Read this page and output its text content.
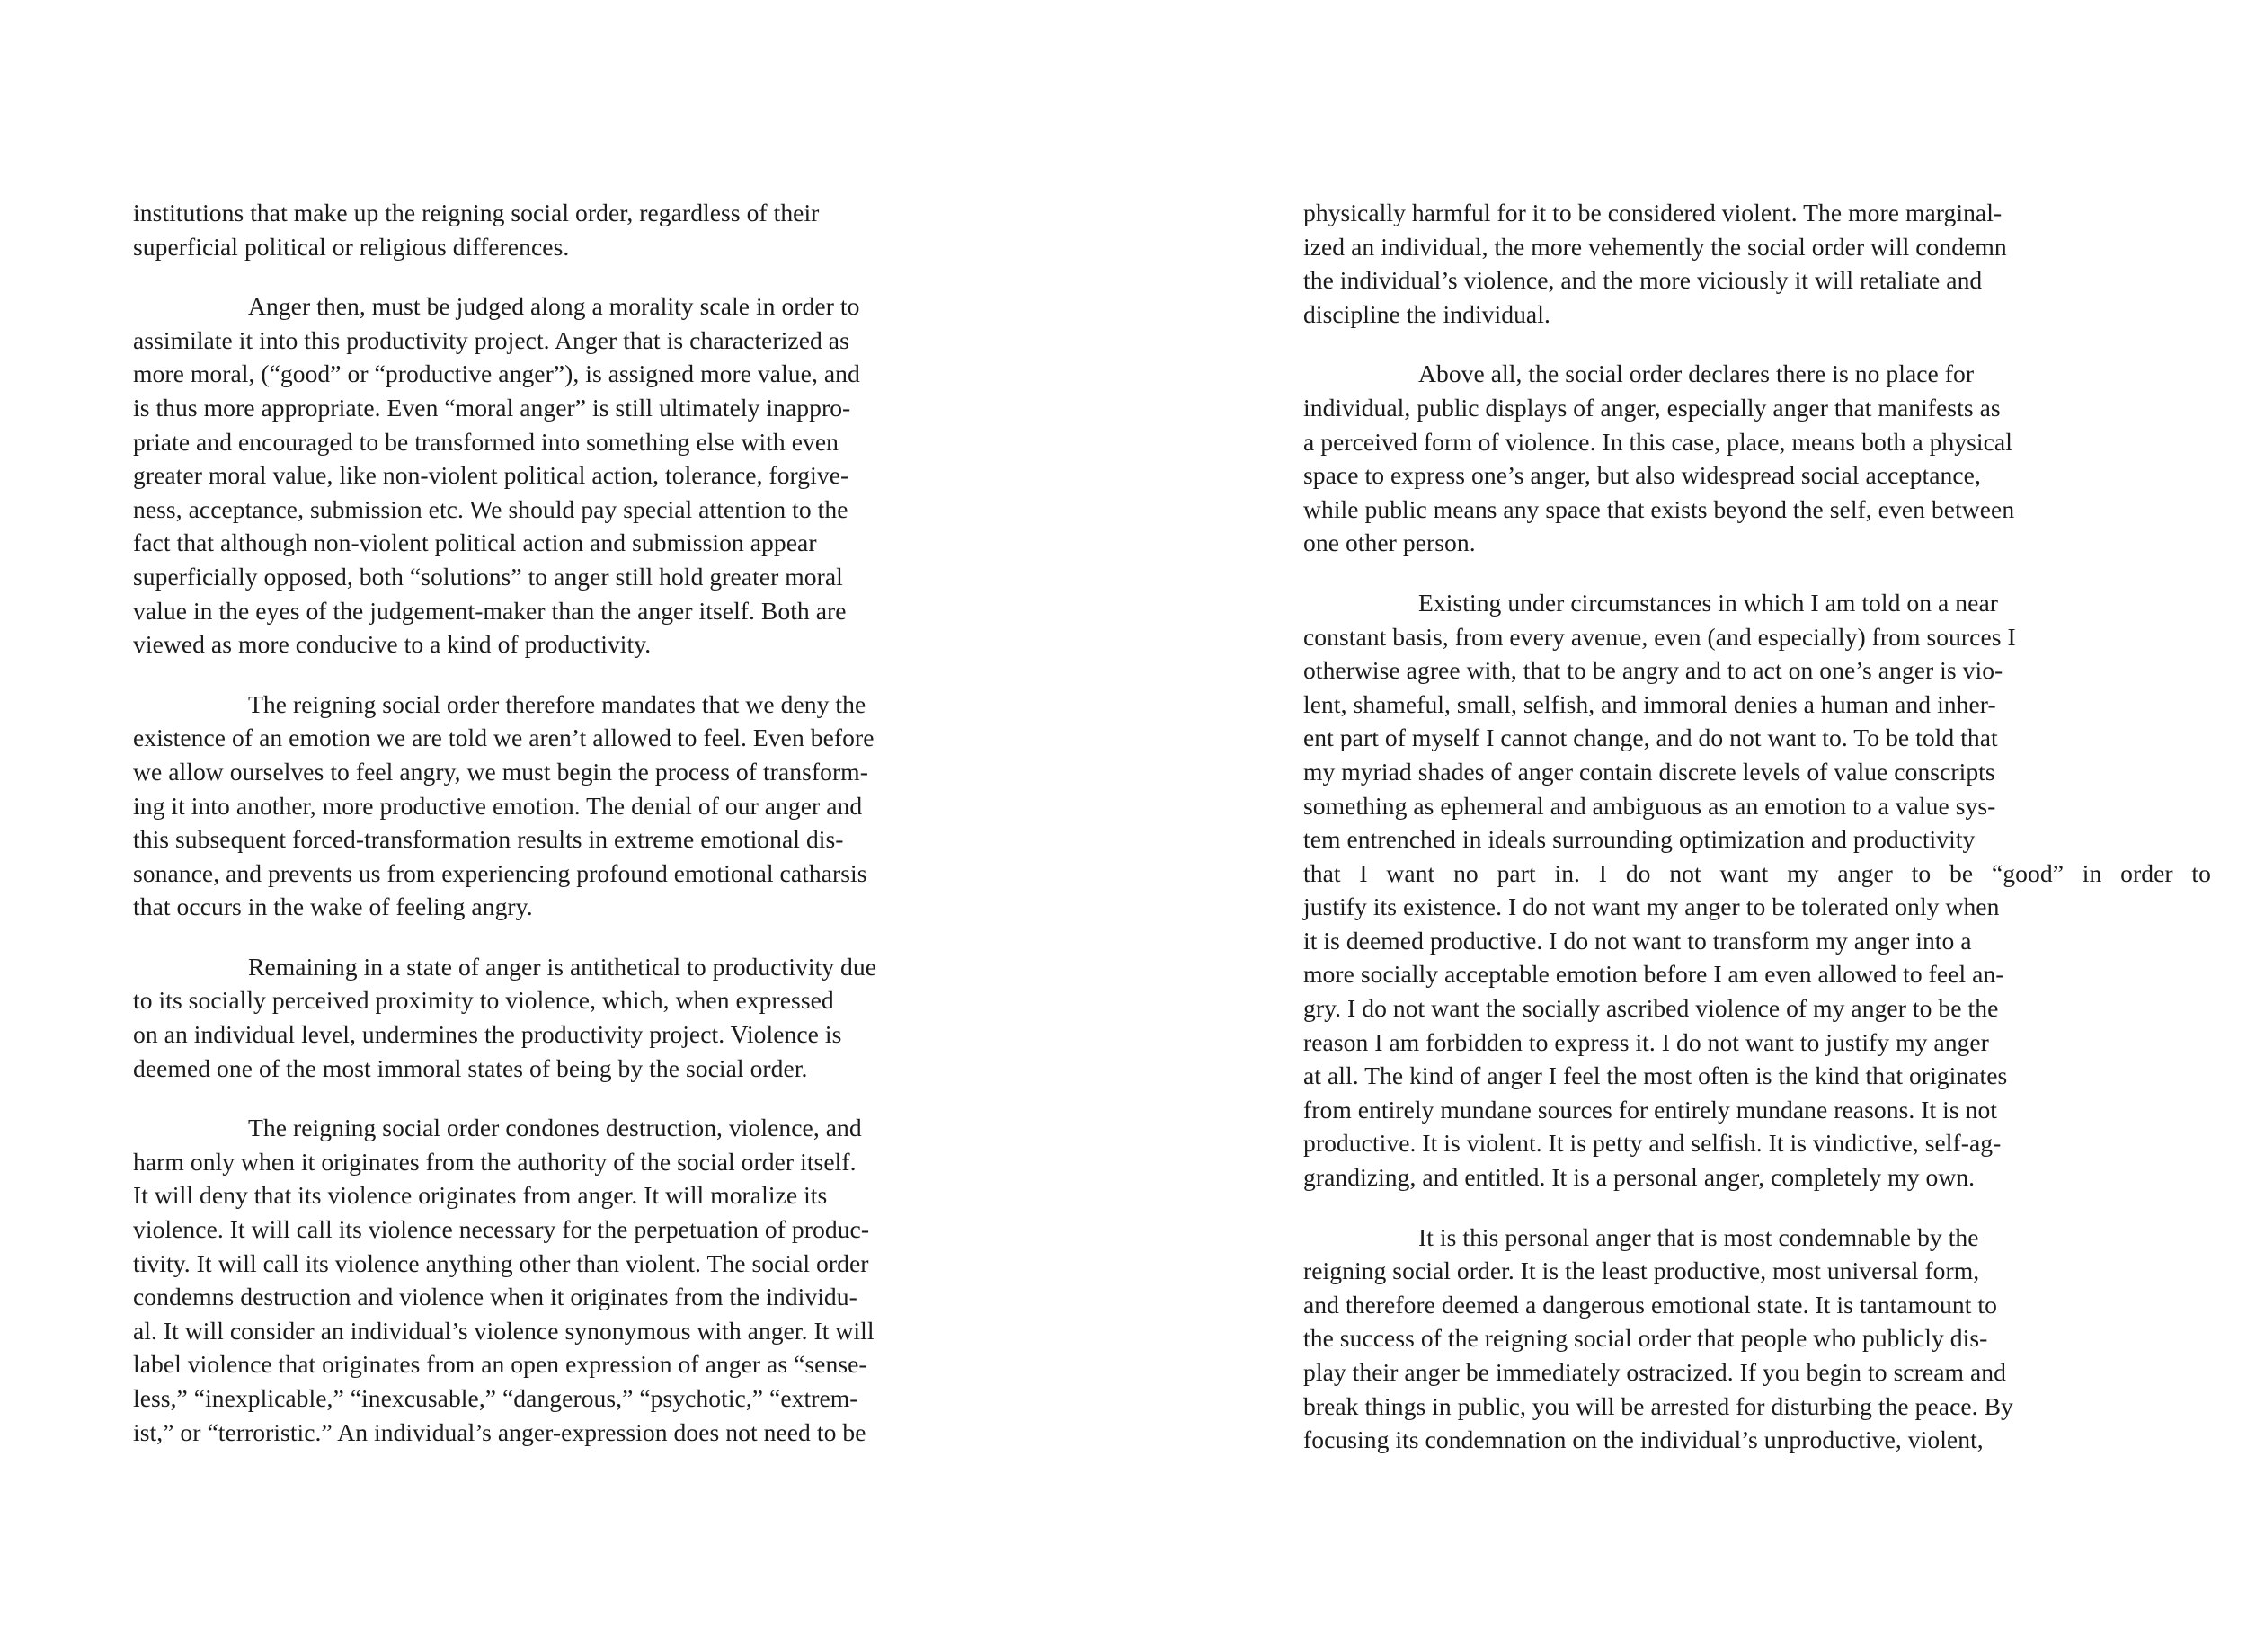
institutions that make up the reigning social order, regardless of their
superficial political or religious differences.

Anger then, must be judged along a morality scale in order to
assimilate it into this productivity project. Anger that is characterized as
more moral, (“good” or “productive anger”), is assigned more value, and
is thus more appropriate. Even “moral anger” is still ultimately inappro-
priate and encouraged to be transformed into something else with even
greater moral value, like non-violent political action, tolerance, forgive-
ness, acceptance, submission etc. We should pay special attention to the
fact that although non-violent political action and submission appear
superficially opposed, both “solutions” to anger still hold greater moral
value in the eyes of the judgement-maker than the anger itself. Both are
viewed as more conducive to a kind of productivity.

The reigning social order therefore mandates that we deny the
existence of an emotion we are told we aren’t allowed to feel. Even before
we allow ourselves to feel angry, we must begin the process of transform-
ing it into another, more productive emotion. The denial of our anger and
this subsequent forced-transformation results in extreme emotional dis-
sonance, and prevents us from experiencing profound emotional catharsis
that occurs in the wake of feeling angry.

Remaining in a state of anger is antithetical to productivity due
to its socially perceived proximity to violence, which, when expressed
on an individual level, undermines the productivity project. Violence is
deemed one of the most immoral states of being by the social order.

The reigning social order condones destruction, violence, and
harm only when it originates from the authority of the social order itself.
It will deny that its violence originates from anger. It will moralize its
violence. It will call its violence necessary for the perpetuation of produc-
tivity. It will call its violence anything other than violent. The social order
condemns destruction and violence when it originates from the individu-
al. It will consider an individual’s violence synonymous with anger. It will
label violence that originates from an open expression of anger as “sense-
less,” “inexplicable,” “inexcusable,” “dangerous,” “psychotic,” “extrem-
ist,” or “terroristic.” An individual’s anger-expression does not need to be

physically harmful for it to be considered violent. The more marginal-
ized an individual, the more vehemently the social order will condemn
the individual’s violence, and the more viciously it will retaliate and
discipline the individual.

Above all, the social order declares there is no place for
individual, public displays of anger, especially anger that manifests as
a perceived form of violence. In this case, place, means both a physical
space to express one’s anger, but also widespread social acceptance,
while public means any space that exists beyond the self, even between
one other person.

Existing under circumstances in which I am told on a near
constant basis, from every avenue, even (and especially) from sources I
otherwise agree with, that to be angry and to act on one’s anger is vio-
lent, shameful, small, selfish, and immoral denies a human and inher-
ent part of myself I cannot change, and do not want to. To be told that
my myriad shades of anger contain discrete levels of value conscripts
something as ephemeral and ambiguous as an emotion to a value sys-
tem entrenched in ideals surrounding optimization and productivity
that I want no part in. I do not want my anger to be “good” in order to
justify its existence. I do not want my anger to be tolerated only when
it is deemed productive. I do not want to transform my anger into a
more socially acceptable emotion before I am even allowed to feel an-
gry. I do not want the socially ascribed violence of my anger to be the
reason I am forbidden to express it. I do not want to justify my anger
at all. The kind of anger I feel the most often is the kind that originates
from entirely mundane sources for entirely mundane reasons. It is not
productive. It is violent. It is petty and selfish. It is vindictive, self-ag-
grandizing, and entitled. It is a personal anger, completely my own.

It is this personal anger that is most condemnable by the
reigning social order. It is the least productive, most universal form,
and therefore deemed a dangerous emotional state. It is tantamount to
the success of the reigning social order that people who publicly dis-
play their anger be immediately ostracized. If you begin to scream and
break things in public, you will be arrested for disturbing the peace. By
focusing its condemnation on the individual’s unproductive, violent,
